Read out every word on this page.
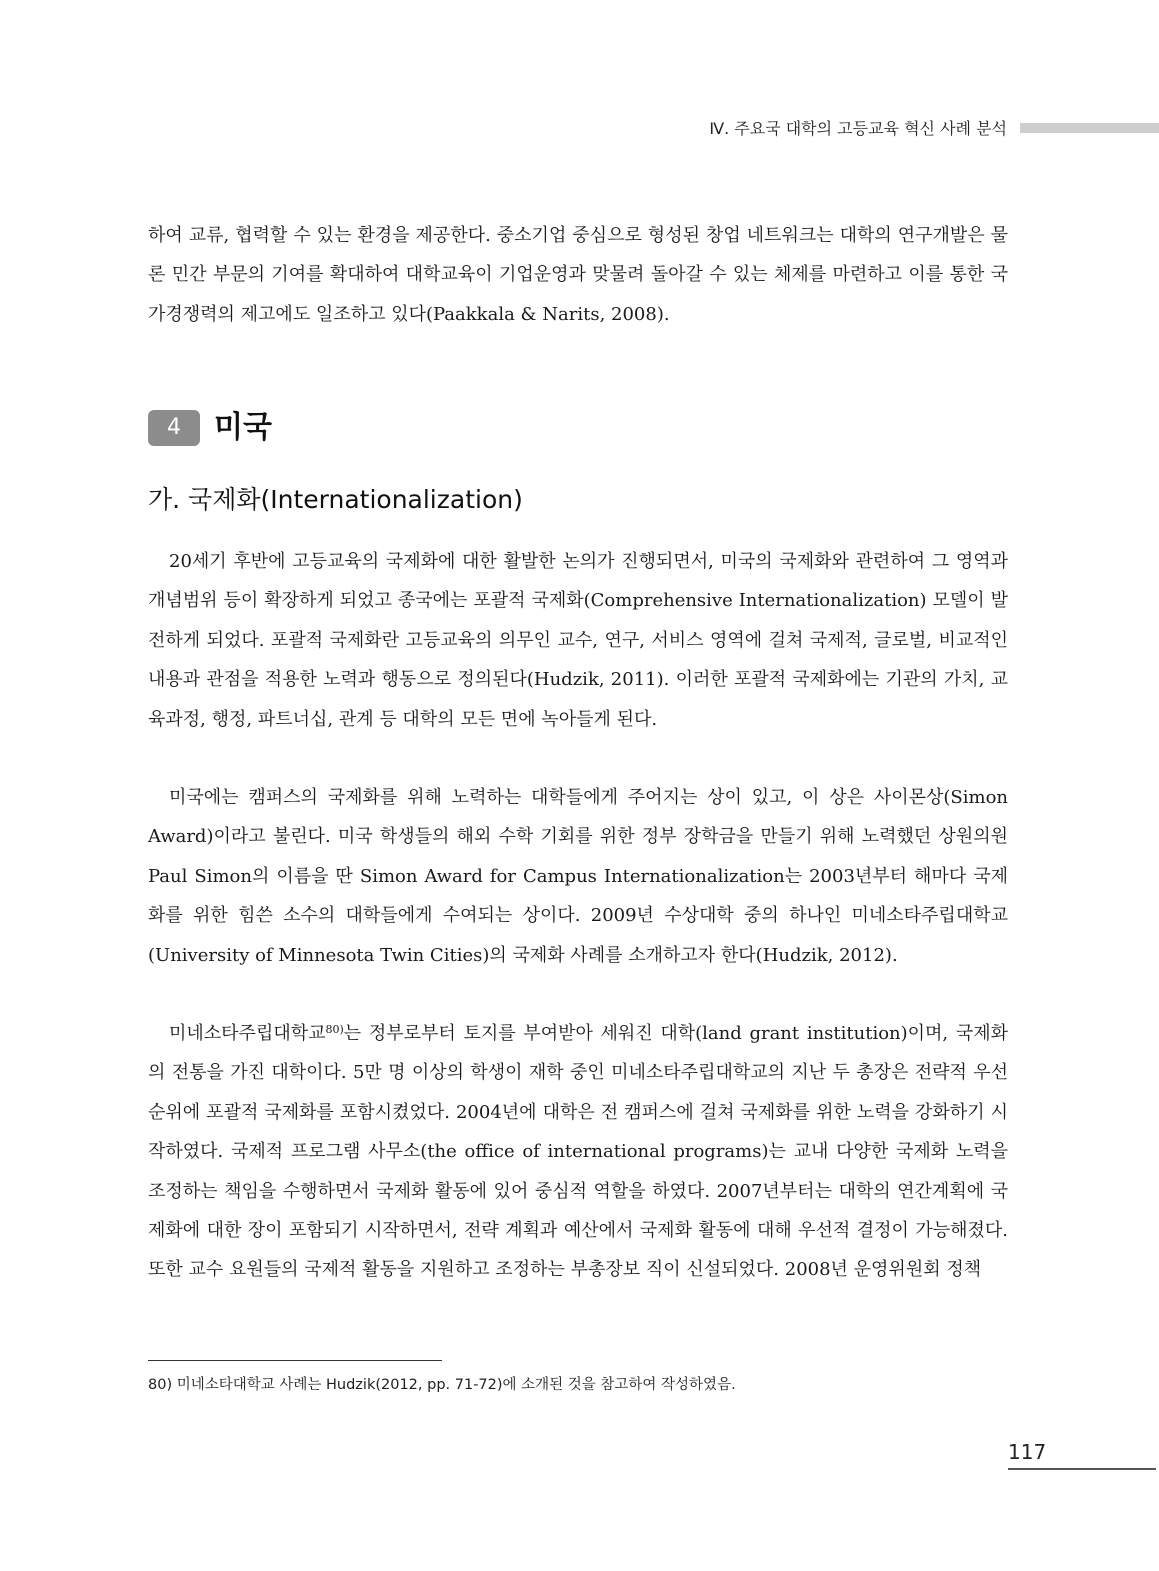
Ⅳ. 주요국 대학의 고등교육 혁신 사례 분석

하여 교류, 협력할 수 있는 환경을 제공한다. 중소기업 중심으로 형성된 창업 네트워크는 대학의 연구개발은 물론 민간 부문의 기여를 확대하여 대학교육이 기업운영과 맞물려 돌아갈 수 있는 체제를 마련하고 이를 통한 국가경쟁력의 제고에도 일조하고 있다(Paakkala & Narits, 2008).

4	미국
가. 국제화(Internationalization)

20세기 후반에 고등교육의 국제화에 대한 활발한 논의가 진행되면서, 미국의 국제화와 관련하여 그 영역과 개념범위 등이 확장하게 되었고 종국에는 포괄적 국제화(Comprehensive Internationalization) 모델이 발전하게 되었다. 포괄적 국제화란 고등교육의 의무인 교수, 연구, 서비스 영역에 걸쳐 국제적, 글로벌, 비교적인 내용과 관점을 적용한 노력과 행동으로 정의된다(Hudzik, 2011). 이러한 포괄적 국제화에는 기관의 가치, 교육과정, 행정, 파트너십, 관계 등 대학의 모든 면에 녹아들게 된다.

미국에는 캠퍼스의 국제화를 위해 노력하는 대학들에게 주어지는 상이 있고, 이 상은 사이몬상(Simon Award)이라고 불린다. 미국 학생들의 해외 수학 기회를 위한 정부 장학금을 만들기 위해 노력했던 상원의원 Paul Simon의 이름을 딴 Simon Award for Campus Internationalization는 2003년부터 해마다 국제화를 위한 힘쓴 소수의 대학들에게 수여되는 상이다. 2009년 수상대학 중의 하나인 미네소타주립대학교(University of Minnesota Twin Cities)의 국제화 사례를 소개하고자 한다(Hudzik, 2012).

미네소타주립대학교$^{80)}$는 정부로부터 토지를 부여받아 세워진 대학(land grant institution)이며, 국제화의 전통을 가진 대학이다. 5만 명 이상의 학생이 재학 중인 미네소타주립대학교의 지난 두 총장은 전략적 우선순위에 포괄적 국제화를 포함시켰었다. 2004년에 대학은 전 캠퍼스에 걸쳐 국제화를 위한 노력을 강화하기 시작하였다. 국제적 프로그램 사무소(the office of international programs)는 교내 다양한 국제화 노력을 조정하는 책임을 수행하면서 국제화 활동에 있어 중심적 역할을 하였다. 2007년부터는 대학의 연간계획에 국제화에 대한 장이 포함되기 시작하면서, 전략 계획과 예산에서 국제화 활동에 대해 우선적 결정이 가능해졌다. 또한 교수 요원들의 국제적 활동을 지원하고 조정하는 부총장보 직이 신설되었다. 2008년 운영위원회 정책

80) 미네소타대학교 사례는 Hudzik(2012, pp. 71-72)에 소개된 것을 참고하여 작성하였음.
117
